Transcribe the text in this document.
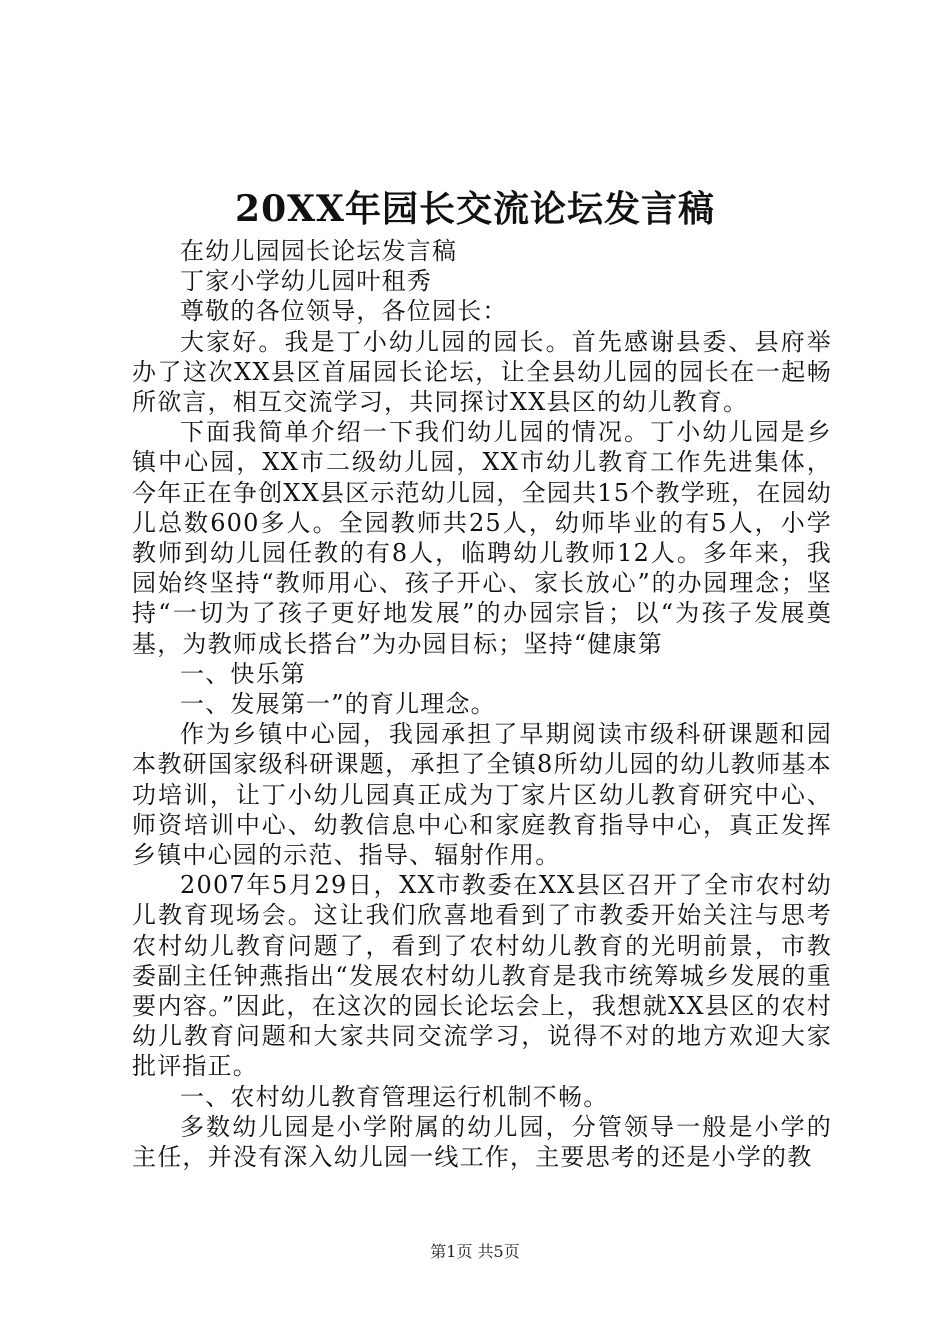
20XX年园长交流论坛发言稿

在幼儿园园长论坛发言稿

丁家小学幼儿园叶租秀

尊敬的各位领导，各位园长：

大家好。我是丁小幼儿园的园长。首先感谢县委、县府举办了这次XX县区首届园长论坛，让全县幼儿园的园长在一起畅所欲言，相互交流学习，共同探讨XX县区的幼儿教育。

下面我简单介绍一下我们幼儿园的情况。丁小幼儿园是乡镇中心园，XX市二级幼儿园，XX市幼儿教育工作先进集体，今年正在争创XX县区示范幼儿园，全园共15个教学班，在园幼儿总数600多人。全园教师共25人，幼师毕业的有5人，小学教师到幼儿园任教的有8人，临聘幼儿教师12人。多年来，我园始终坚持“教师用心、孩子开心、家长放心”的办园理念；坚持“一切为了孩子更好地发展”的办园宗旨；以“为孩子发展奠基，为教师成长搭台”为办园目标；坚持“健康第

一、快乐第

一、发展第一”的育儿理念。

作为乡镇中心园，我园承担了早期阅读市级科研课题和园本教研国家级科研课题，承担了全镇8所幼儿园的幼儿教师基本功培训，让丁小幼儿园真正成为丁家片区幼儿教育研究中心、师资培训中心、幼教信息中心和家庭教育指导中心，真正发挥乡镇中心园的示范、指导、辐射作用。

2007年5月29日，XX市教委在XX县区召开了全市农村幼儿教育现场会。这让我们欣喜地看到了市教委开始关注与思考农村幼儿教育问题了，看到了农村幼儿教育的光明前景，市教委副主任钟燕指出“发展农村幼儿教育是我市统筹城乡发展的重要内容。”因此，在这次的园长论坛会上，我想就XX县区的农村幼儿教育问题和大家共同交流学习，说得不对的地方欢迎大家批评指正。

一、农村幼儿教育管理运行机制不畅。

多数幼儿园是小学附属的幼儿园，分管领导一般是小学的主任，并没有深入幼儿园一线工作，主要思考的还是小学的教

第1页 共5页
